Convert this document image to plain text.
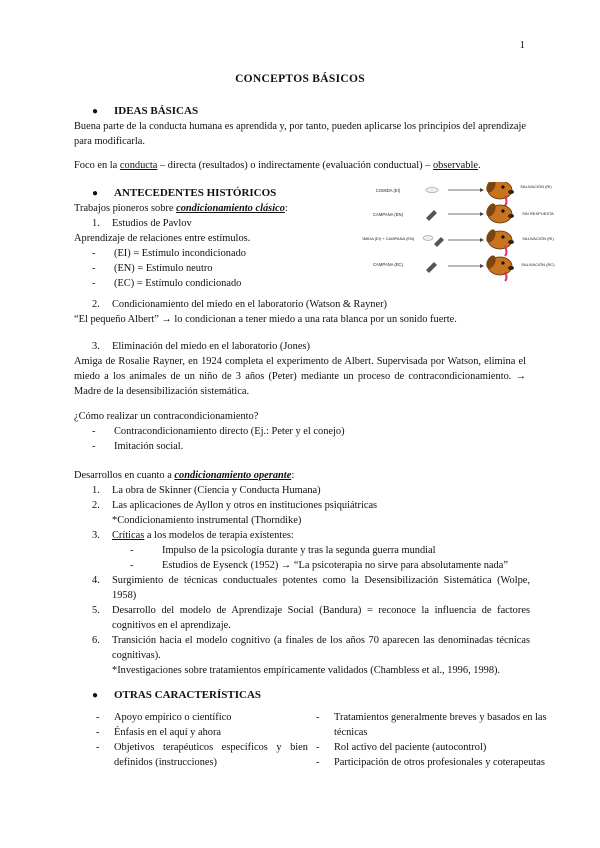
1
CONCEPTOS BÁSICOS
● IDEAS BÁSICAS
Buena parte de la conducta humana es aprendida y, por tanto, pueden aplicarse los principios del aprendizaje para modificarla.
Foco en la conducta – directa (resultados) o indirectamente (evaluación conductual) – observable.
● ANTECEDENTES HISTÓRICOS
Trabajos pioneros sobre condicionamiento clásico:
1. Estudios de Pavlov
Aprendizaje de relaciones entre estímulos.
- (EI) = Estímulo incondicionado
- (EN) = Estímulo neutro
- (EC) = Estímulo condicionado
2. Condicionamiento del miedo en el laboratorio (Watson & Rayner)
“El pequeño Albert” → lo condicionan a tener miedo a una rata blanca por un sonido fuerte.
3. Eliminación del miedo en el laboratorio (Jones)
Amiga de Rosalie Rayner, en 1924 completa el experimento de Albert. Supervisada por Watson, elimina el miedo a los animales de un niño de 3 años (Peter) mediante un proceso de contracondicionamiento. → Madre de la desensibilización sistemática.
¿Cómo realizar un contracondicionamiento?
- Contracondicionamiento directo (Ej.: Peter y el conejo)
- Imitación social.
Desarrollos en cuanto a condicionamiento operante:
1. La obra de Skinner (Ciencia y Conducta Humana)
2. Las aplicaciones de Ayllon y otros en instituciones psiquiátricas
*Condicionamiento instrumental (Thorndike)
3. Críticas a los modelos de terapia existentes:
-	Impulso de la psicología durante y tras la segunda guerra mundial
-	Estudios de Eysenck (1952) → “La psicoterapia no sirve para absolutamente nada”
4. Surgimiento de técnicas conductuales potentes como la Desensibilización Sistemática (Wolpe, 1958)
5. Desarrollo del modelo de Aprendizaje Social (Bandura) = reconoce la influencia de factores cognitivos en el aprendizaje.
6. Transición hacia el modelo cognitivo (a finales de los años 70 aparecen las denominadas técnicas cognitivas).
*Investigaciones sobre tratamientos empíricamente validados (Chambless et al., 1996, 1998).
COMIDA (EI)
SALIVACIÓN (RI)
CAMPANA (EN)	SIN RESPUESTA
COMIDA (EI) + CAMPANA (EN)	SALIVACIÓN (RI)
CAMPANA (EC)	SALIVACIÓN (RC)
● OTRAS CARACTERÍSTICAS
- Apoyo empírico o científico
- Énfasis en el aquí y ahora
- Objetivos terapéuticos específicos y bien definidos (instrucciones)
- Tratamientos generalmente breves y basados en las técnicas
- Rol activo del paciente (autocontrol)
- Participación de otros profesionales y coterapeutas
